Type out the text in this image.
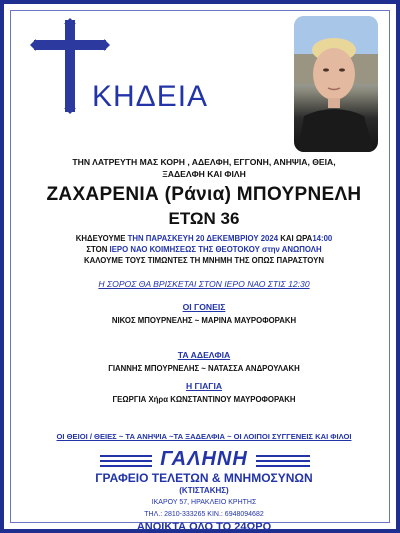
ΚΗΔΕΙΑ
ΤΗΝ ΛΑΤΡΕΥΤΗ ΜΑΣ ΚΟΡΗ , ΑΔΕΛΦΗ, ΕΓΓΟΝΗ, ΑΝΗΨΙΑ, ΘΕΙΑ,
ΞΑΔΕΛΦΗ ΚΑΙ ΦΙΛΗ
ΖΑΧΑΡΕΝΙΑ (Ράνια) ΜΠΟΥΡΝΕΛΗ
ΕΤΩΝ 36
ΚΗΔΕΥΟΥΜΕ ΤΗΝ ΠΑΡΑΣΚΕΥΗ 20 ΔΕΚΕΜΒΡΙΟΥ 2024 ΚΑΙ ΩΡΑ14:00
ΣΤΟΝ ΙΕΡΟ ΝΑΟ ΚΟΙΜΗΣΕΩΣ ΤΗΣ ΘΕΟΤΟΚΟΥ στην ΑΝΩΠΟΛΗ
ΚΑΛΟΥΜΕ ΤΟΥΣ ΤΙΜΩΝΤΕΣ ΤΗ ΜΝΗΜΗ ΤΗΣ ΟΠΩΣ ΠΑΡΑΣΤΟΥΝ
Η ΣΟΡΟΣ ΘΑ ΒΡΙΣΚΕΤΑΙ ΣΤΟΝ ΙΕΡΟ ΝΑΟ ΣΤΙΣ 12:30
ΟΙ ΓΟΝΕΙΣ
ΝΙΚΟΣ ΜΠΟΥΡΝΕΛΗΣ ~ ΜΑΡΙΝΑ ΜΑΥΡΟΦΟΡΑΚΗ
ΤΑ ΑΔΕΛΦΙΑ
ΓΙΑΝΝΗΣ ΜΠΟΥΡΝΕΛΗΣ ~ ΝΑΤΑΣΣΑ ΑΝΔΡΟΥΛΑΚΗ
Η ΓΙΑΓΙΑ
ΓΕΩΡΓΙΑ Χήρα ΚΩΝΣΤΑΝΤΙΝΟΥ ΜΑΥΡΟΦΟΡΑΚΗ
ΟΙ ΘΕΙΟΙ / ΘΕΙΕΣ ~ ΤΑ ΑΝΗΨΙΑ ~ΤΑ ΞΑΔΕΛΦΙΑ ~ ΟΙ ΛΟΙΠΟΙ ΣΥΓΓΕΝΕΙΣ ΚΑΙ ΦΙΛΟΙ
ΓΑΛΗΝΗ
ΓΡΑΦΕΙΟ ΤΕΛΕΤΩΝ & ΜΝΗΜΟΣΥΝΩΝ
(ΚΤΙΣΤΑΚΗΣ)
ΙΚΑΡΟΥ 57, ΗΡΑΚΛΕΙΟ ΚΡΗΤΗΣ
ΤΗΛ.: 2810-333265 ΚΙΝ.: 6948094682
ΑΝΟΙΚΤΑ ΟΛΟ ΤΟ 24ΩΡΟ
